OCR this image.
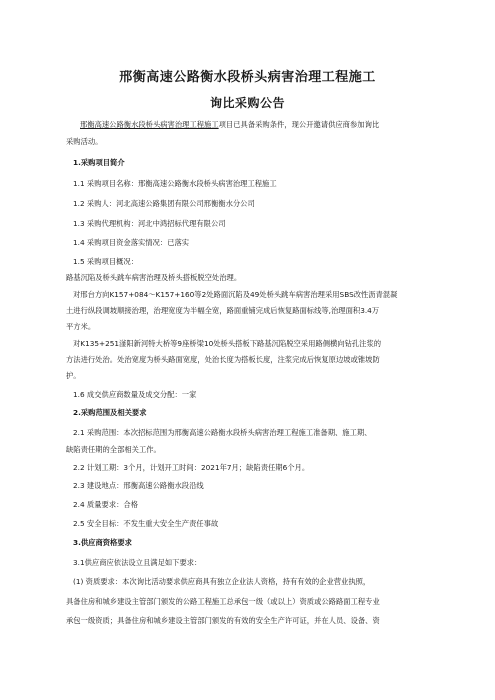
邢衡高速公路衡水段桥头病害治理工程施工
询比采购公告
邢衡高速公路衡水段桥头病害治理工程施工项目已具备采购条件，现公开邀请供应商参加询比
采购活动。
1.采购项目简介
1.1 采购项目名称：邢衡高速公路衡水段桥头病害治理工程施工
1.2 采购人：河北高速公路集团有限公司邢衡衡水分公司
1.3 采购代理机构：河北中鸿招标代理有限公司
1.4 采购项目资金落实情况：已落实
1.5 采购项目概况：
路基沉陷及桥头跳车病害治理及桥头搭板脱空处治理。
对邢台方向K157+084～K157+160等2处路面沉陷及49处桥头跳车病害治理采用SBS改性沥青混凝
土进行纵段调坡顺接治理，治理宽度为半幅全宽，路面重铺完成后恢复路面标线等,治理面积3.4万
平方米。
对K135+251滏阳新河特大桥等9座桥梁10处桥头搭板下路基沉陷脱空采用路侧横向钻孔注浆的
方法进行处治。处治宽度为桥头路面宽度，处治长度为搭板长度，注浆完成后恢复原边坡或锥坡防
护。
1.6 成交供应商数量及成交分配：一家
2.采购范围及相关要求
2.1 采购范围：本次招标范围为邢衡高速公路衡水段桥头病害治理工程施工准备期、施工期、
缺陷责任期的全部相关工作。
2.2 计划工期：3个月，计划开工时间：2021年7月；缺陷责任期6个月。
2.3 建设地点：邢衡高速公路衡水段沿线
2.4 质量要求：合格
2.5 安全目标：不发生重大安全生产责任事故
3.供应商资格要求
3.1供应商应依法设立且满足如下要求：
(1) 资质要求：本次询比活动要求供应商具有独立企业法人资格，持有有效的企业营业执照，
具备住房和城乡建设主管部门颁发的公路工程施工总承包一级（或以上）资质或公路路面工程专业
承包一级资质；具备住房和城乡建设主管部门颁发的有效的安全生产许可证，并在人员、设备、资
